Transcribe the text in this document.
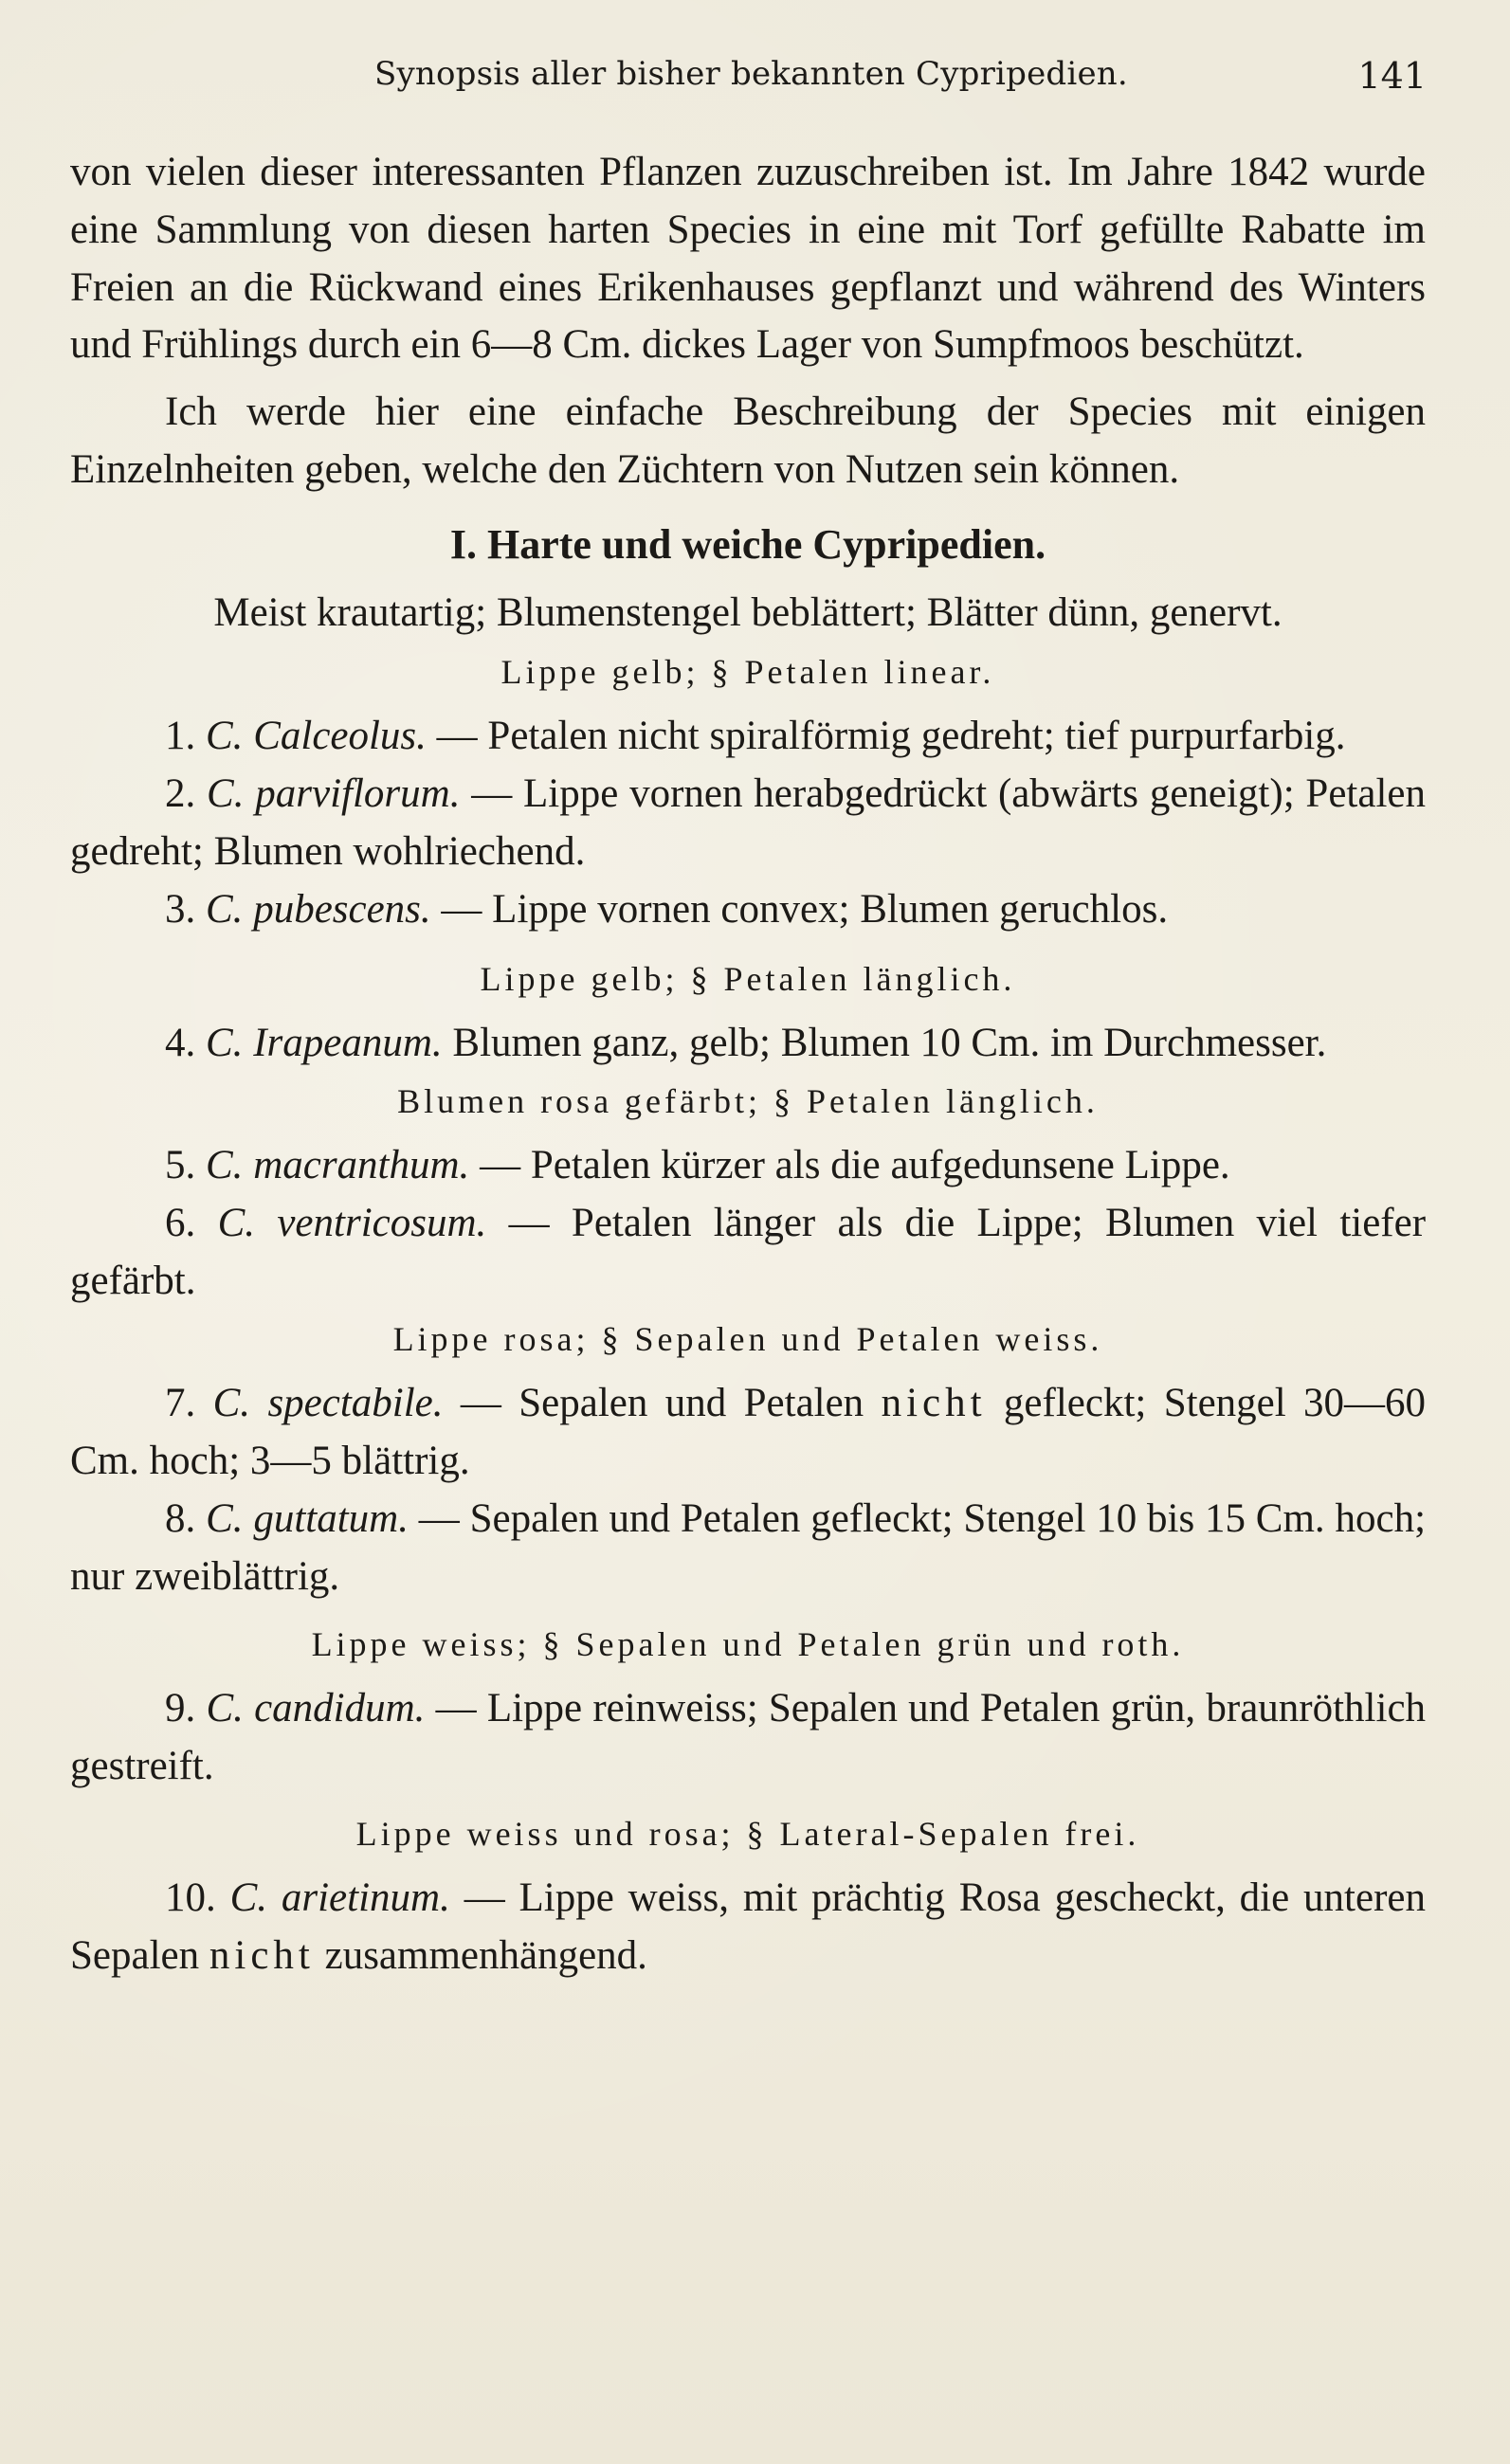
Synopsis aller bisher bekannten Cypripedien.	141

von vielen dieser interessanten Pflanzen zuzuschreiben ist. Im Jahre 1842 wurde eine Sammlung von diesen harten Species in eine mit Torf gefüllte Rabatte im Freien an die Rückwand eines Erikenhauses gepflanzt und während des Winters und Frühlings durch ein 6—8 Cm. dickes Lager von Sumpfmoos beschützt.

Ich werde hier eine einfache Beschreibung der Species mit einigen Einzelnheiten geben, welche den Züchtern von Nutzen sein können.

I. Harte und weiche Cypripedien.

Meist krautartig; Blumenstengel beblättert; Blätter dünn, genervt.

Lippe gelb; § Petalen linear.

1. C. Calceolus. — Petalen nicht spiralförmig gedreht; tief purpurfarbig.

2. C. parviflorum. — Lippe vornen herabgedrückt (abwärts geneigt); Petalen gedreht; Blumen wohlriechend.

3. C. pubescens. — Lippe vornen convex; Blumen geruchlos.

Lippe gelb; § Petalen länglich.

4. C. Irapeanum. Blumen ganz, gelb; Blumen 10 Cm. im Durchmesser.

Blumen rosa gefärbt; § Petalen länglich.

5. C. macranthum. — Petalen kürzer als die aufgedunsene Lippe.

6. C. ventricosum. — Petalen länger als die Lippe; Blumen viel tiefer gefärbt.

Lippe rosa; § Sepalen und Petalen weiss.

7. C. spectabile. — Sepalen und Petalen nicht gefleckt; Stengel 30—60 Cm. hoch; 3—5 blättrig.

8. C. guttatum. — Sepalen und Petalen gefleckt; Stengel 10 bis 15 Cm. hoch; nur zweiblättrig.

Lippe weiss; § Sepalen und Petalen grün und roth.

9. C. candidum. — Lippe reinweiss; Sepalen und Petalen grün, braunröthlich gestreift.

Lippe weiss und rosa; § Lateral-Sepalen frei.

10. C. arietinum. — Lippe weiss, mit prächtig Rosa gescheckt, die unteren Sepalen nicht zusammenhängend.
